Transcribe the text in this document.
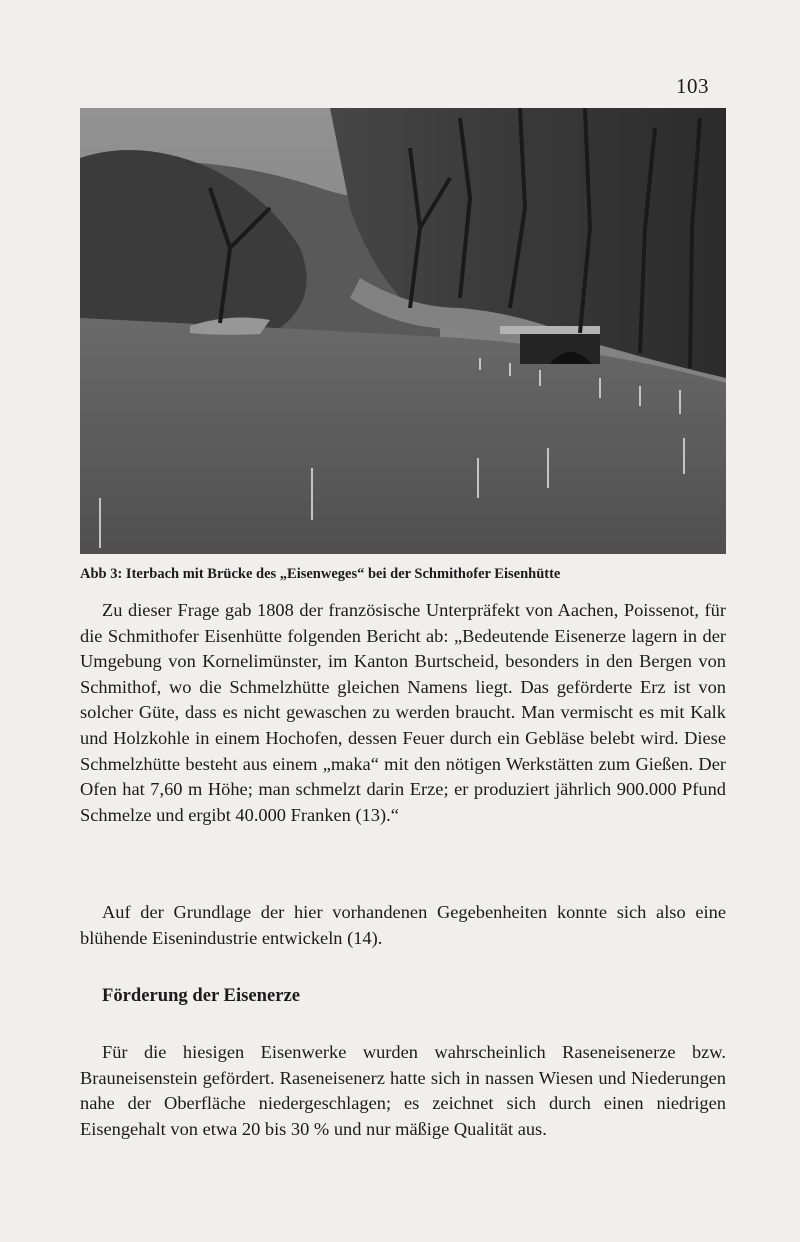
103
Abb 3: Iterbach mit Brücke des „Eisenweges“ bei der Schmithofer Eisenhütte

Zu dieser Frage gab 1808 der französische Unterpräfekt von Aachen, Poissenot, für die Schmithofer Eisenhütte folgenden Bericht ab: „Bedeutende Eisenerze lagern in der Umgebung von Kornelimünster, im Kanton Burtscheid, besonders in den Bergen von Schmithof, wo die Schmelzhütte gleichen Namens liegt. Das geförderte Erz ist von solcher Güte, dass es nicht gewaschen zu werden braucht. Man vermischt es mit Kalk und Holzkohle in einem Hochofen, dessen Feuer durch ein Gebläse belebt wird. Diese Schmelzhütte besteht aus einem „maka“ mit den nötigen Werkstätten zum Gießen. Der Ofen hat 7,60 m Höhe; man schmelzt darin Erze; er produziert jährlich 900.000 Pfund Schmelze und ergibt 40.000 Franken (13).“

Auf der Grundlage der hier vorhandenen Gegebenheiten konnte sich also eine blühende Eisenindustrie entwickeln (14).

Förderung der Eisenerze

Für die hiesigen Eisenwerke wurden wahrscheinlich Raseneisenerze bzw. Brauneisenstein gefördert. Raseneisenerz hatte sich in nassen Wiesen und Niederungen nahe der Oberfläche niedergeschlagen; es zeichnet sich durch einen niedrigen Eisengehalt von etwa 20 bis 30 % und nur mäßige Qualität aus.
